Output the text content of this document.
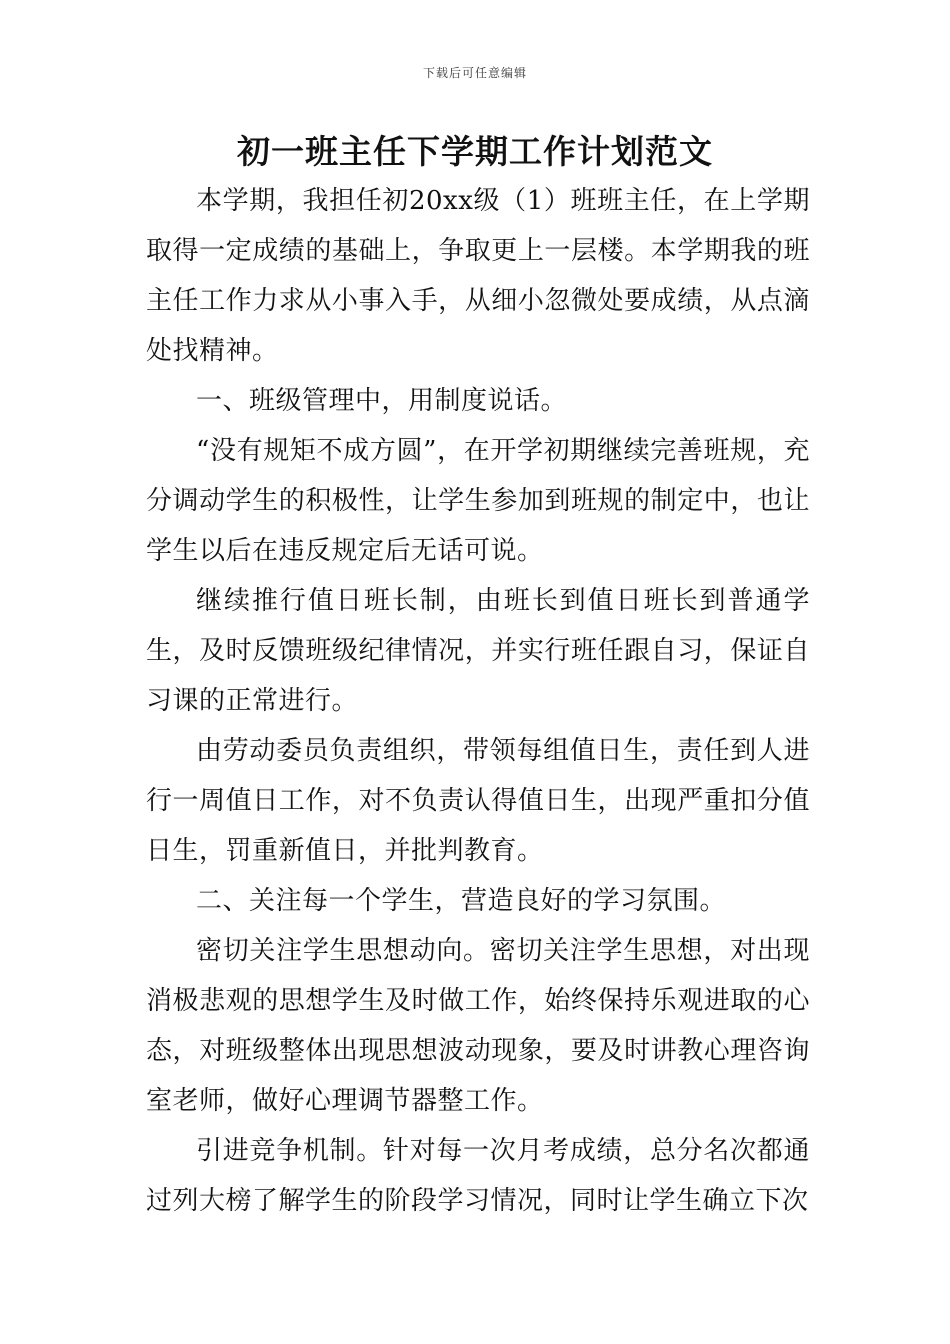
下载后可任意编辑
初一班主任下学期工作计划范文

本学期，我担任初20xx级（1）班班主任，在上学期取得一定成绩的基础上，争取更上一层楼。本学期我的班主任工作力求从小事入手，从细小忽微处要成绩，从点滴处找精神。

一、班级管理中，用制度说话。

“没有规矩不成方圆”，在开学初期继续完善班规，充分调动学生的积极性，让学生参加到班规的制定中，也让学生以后在违反规定后无话可说。

继续推行值日班长制，由班长到值日班长到普通学生，及时反馈班级纪律情况，并实行班任跟自习，保证自习课的正常进行。

由劳动委员负责组织，带领每组值日生，责任到人进行一周值日工作，对不负责认得值日生，出现严重扣分值日生，罚重新值日，并批判教育。

二、关注每一个学生，营造良好的学习氛围。

密切关注学生思想动向。密切关注学生思想，对出现消极悲观的思想学生及时做工作，始终保持乐观进取的心态，对班级整体出现思想波动现象，要及时讲教心理咨询室老师，做好心理调节器整工作。

引进竞争机制。针对每一次月考成绩，总分名次都通过列大榜了解学生的阶段学习情况，同时让学生确立下次
